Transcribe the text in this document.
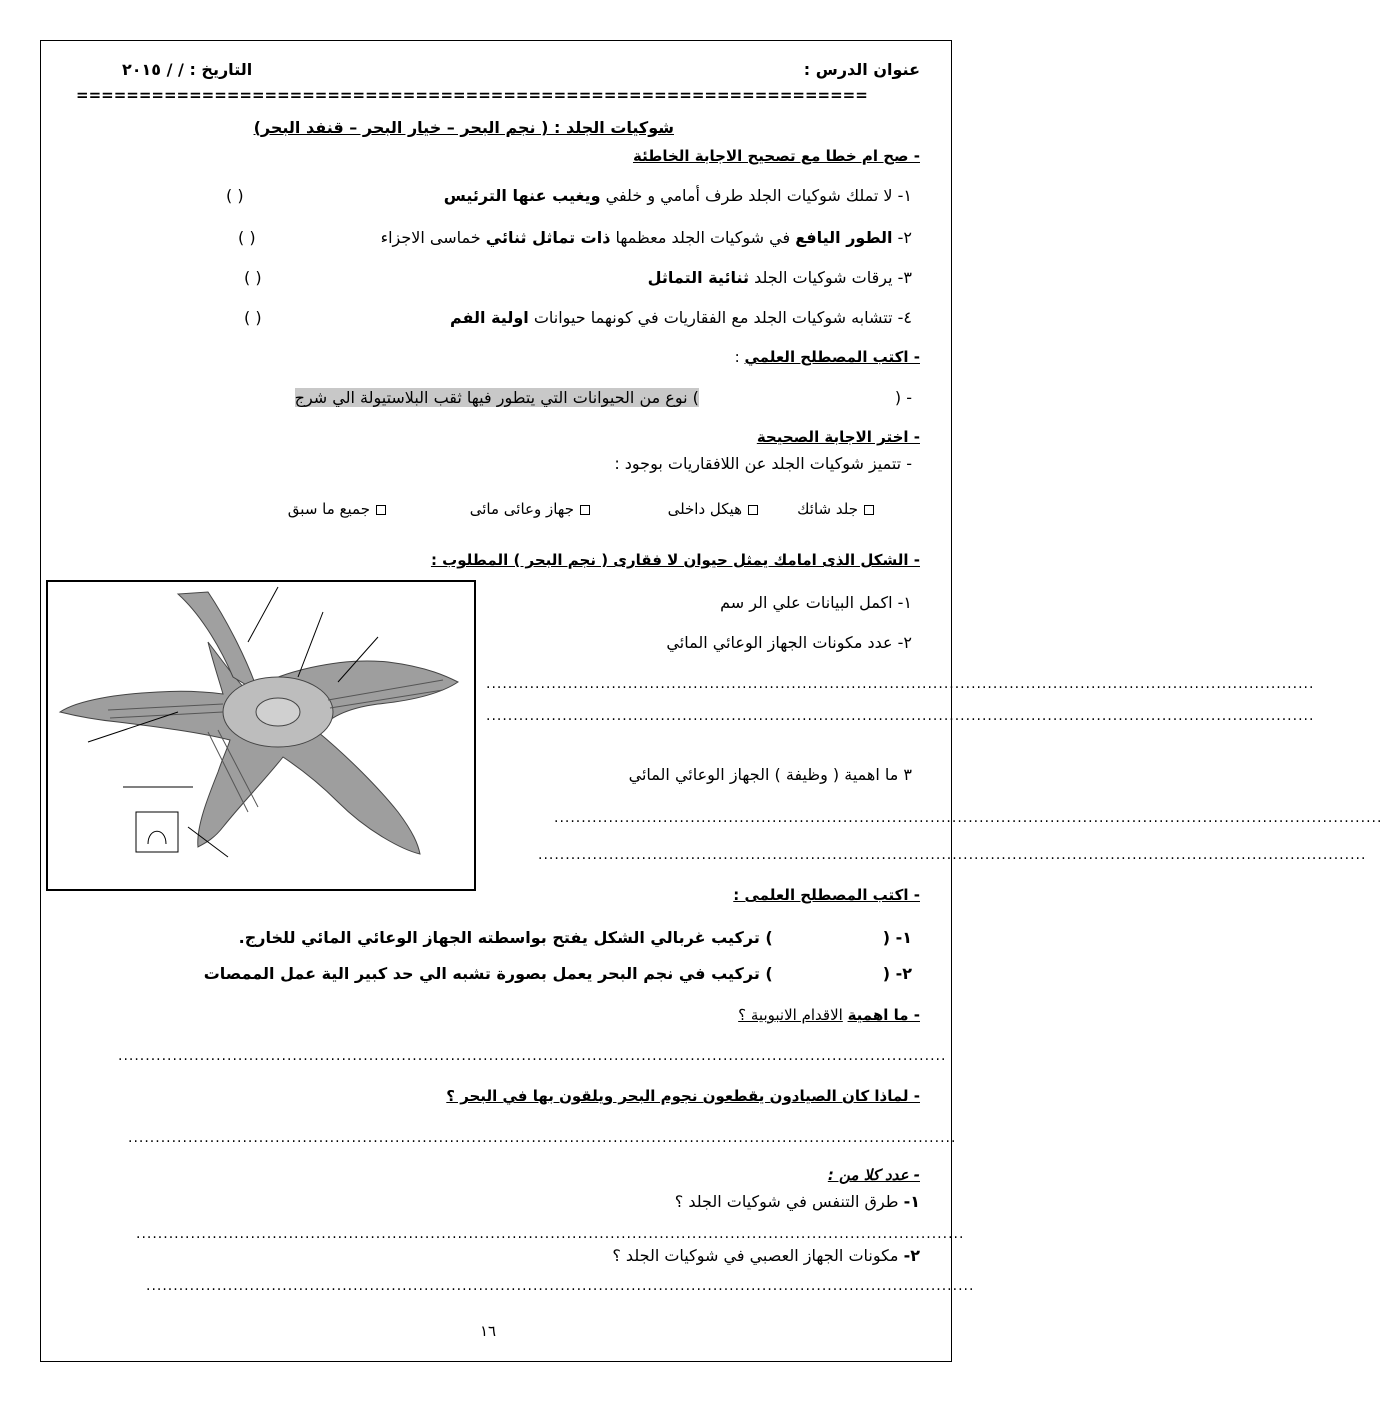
عنوان الدرس :
التاريخ : / / ٢٠١٥
===============================================================
شوكيات الجلد : ( نجم البحر – خيار البحر – قنفد البحر)
- صح ام خطا مع تصحيح الاجابة الخاطئة
١- لا تملك شوكيات الجلد طرف أمامي و خلفي ويغيب عنها الترئيس
( )
٢- الطور اليافع في شوكيات الجلد معظمها ذات تماثل ثنائي خماسى الاجزاء
( )
٣- يرقات شوكيات الجلد ثنائية التماثل
( )
٤- تتشابه شوكيات الجلد مع الفقاريات في كونهما حيوانات اولية الفم
( )
- اكتب المصطلح العلمي :
- () نوع من الحيوانات التي يتطور فيها ثقب البلاستيولة الي شرج
- اختر الاجابة الصحيحة
- تتميز شوكيات الجلد عن اللافقاريات بوجود :
جلد شائك
هيكل داخلى
جهاز وعائى مائى
جميع ما سبق
- الشكل الذى امامك يمثل حيوان لا فقارى ( نجم البحر ) المطلوب :
١- اكمل البيانات علي الر سم
٢- عدد مكونات الجهاز الوعائي المائي
........................................................................................................................................................
........................................................................................................................................................
٣ ما اهمية ( وظيفة ) الجهاز الوعائي المائي
........................................................................................................................................................
........................................................................................................................................................
- اكتب المصطلح العلمى :
١- () تركيب غربالي الشكل يفتح بواسطته الجهاز الوعائي المائي للخارج.
٢- () تركيب في نجم البحر يعمل بصورة تشبه الي حد كبير الية عمل الممصات
- ما اهمية الاقدام الانبوبية ؟
........................................................................................................................................................
- لماذا كان الصيادون يقطعون نجوم البحر ويلقون بها في البحر ؟
........................................................................................................................................................
- عدد كلا من :
١- طرق التنفس في شوكيات الجلد ؟
........................................................................................................................................................
٢- مكونات الجهاز العصبي في شوكيات الجلد ؟
........................................................................................................................................................
١٦
